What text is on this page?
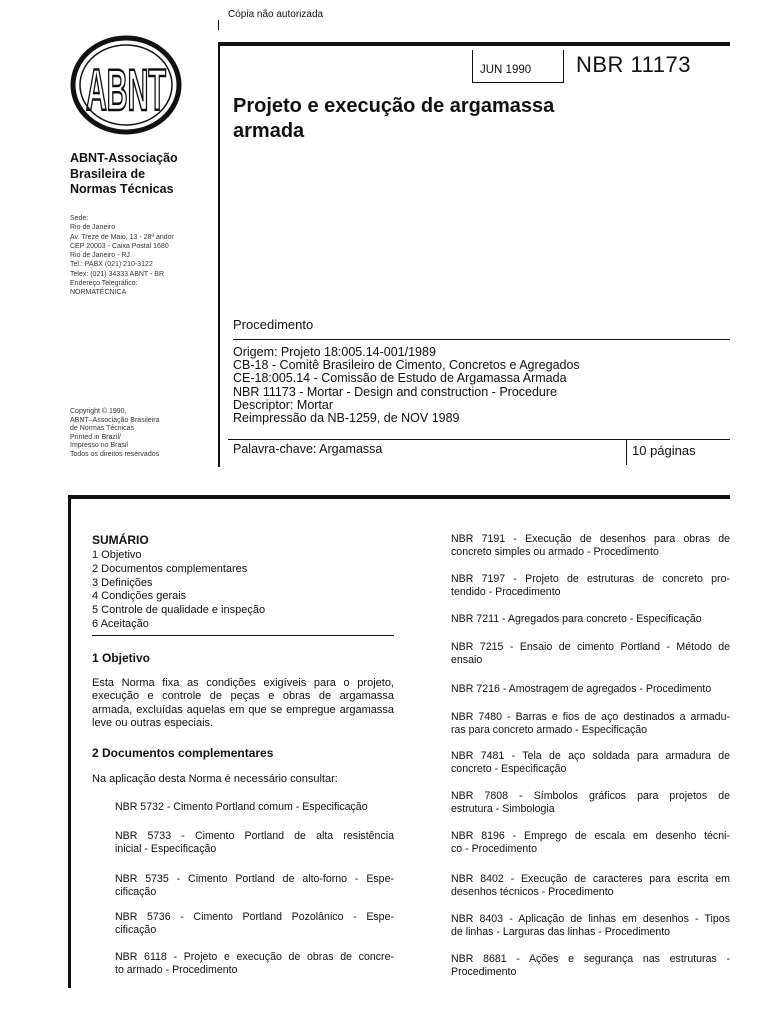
Cópia não autorizada
ABNT
ABNT-Associação
Brasileira de
Normas Técnicas
Sede:
Rio de Janeiro
Av. Treze de Maio, 13 - 28º andor
CEP 20003 - Caixa Postal 1680
Rio de Janeiro - RJ
Tel.: PABX (021) 210-3122
Telex: (021) 34333 ABNT - BR
Endereço Telegráfico:
NORMATÉCNICA
Copyright © 1990,
ABNT–Associação Brasileira
de Normas Técnicas
Printed in Brazil/
Impresso no Brasil
Todos os direitos reservados
JUN 1990 NBR 11173
Projeto e execução de argamassa
armada
Procedimento
Origem: Projeto 18:005.14-001/1989
CB-18 - Comitê Brasileiro de Cimento, Concretos e Agregados
CE-18:005.14 - Comissão de Estudo de Argamassa Armada
NBR 11173 - Mortar - Design and construction - Procedure
Descriptor: Mortar
Reimpressão da NB-1259, de NOV 1989
Palavra-chave: Argamassa	10 páginas
SUMÁRIO
1 Objetivo
2 Documentos complementares
3 Definições
4 Condições gerais
5 Controle de qualidade e inspeção
6 Aceitação
1 Objetivo
Esta Norma fixa as condições exigíveis para o projeto,
execução e controle de peças e obras de argamassa
armada, excluídas aquelas em que se empregue argamassa
leve ou outras especiais.
2 Documentos complementares
Na aplicação desta Norma é necessário consultar:
NBR 5732 - Cimento Portland comum - Especificação
NBR 5733 - Cimento Portland de alta resistência
inicial - Especificação
NBR 5735 - Cimento Portland de alto-forno - Espe-
cificação
NBR 5736 - Cimento Portland Pozolânico - Espe-
cificação
NBR 6118 - Projeto e execução de obras de concre-
to armado - Procedimento
NBR 7191 - Execução de desenhos para obras de
concreto simples ou armado - Procedimento
NBR 7197 - Projeto de estruturas de concreto pro-
tendido - Procedimento
NBR 7211 - Agregados para concreto - Especificação
NBR 7215 - Ensaio de cimento Portland - Método de
ensaio
NBR 7216 - Amostragem de agregados - Procedimento
NBR 7480 - Barras e fios de aço destinados a armadu-
ras para concreto armado - Especificação
NBR 7481 - Tela de aço soldada para armadura de
concreto - Especificação
NBR 7808 - Símbolos gráficos para projetos de
estrutura - Simbologia
NBR 8196 - Emprego de escala em desenho técni-
co - Procedimento
NBR 8402 - Execução de caracteres para escrita em
desenhos técnicos - Procedimento
NBR 8403 - Aplicação de linhas em desenhos - Tipos
de linhas - Larguras das linhas - Procedimento
NBR 8681 - Ações e segurança nas estruturas -
Procedimento
